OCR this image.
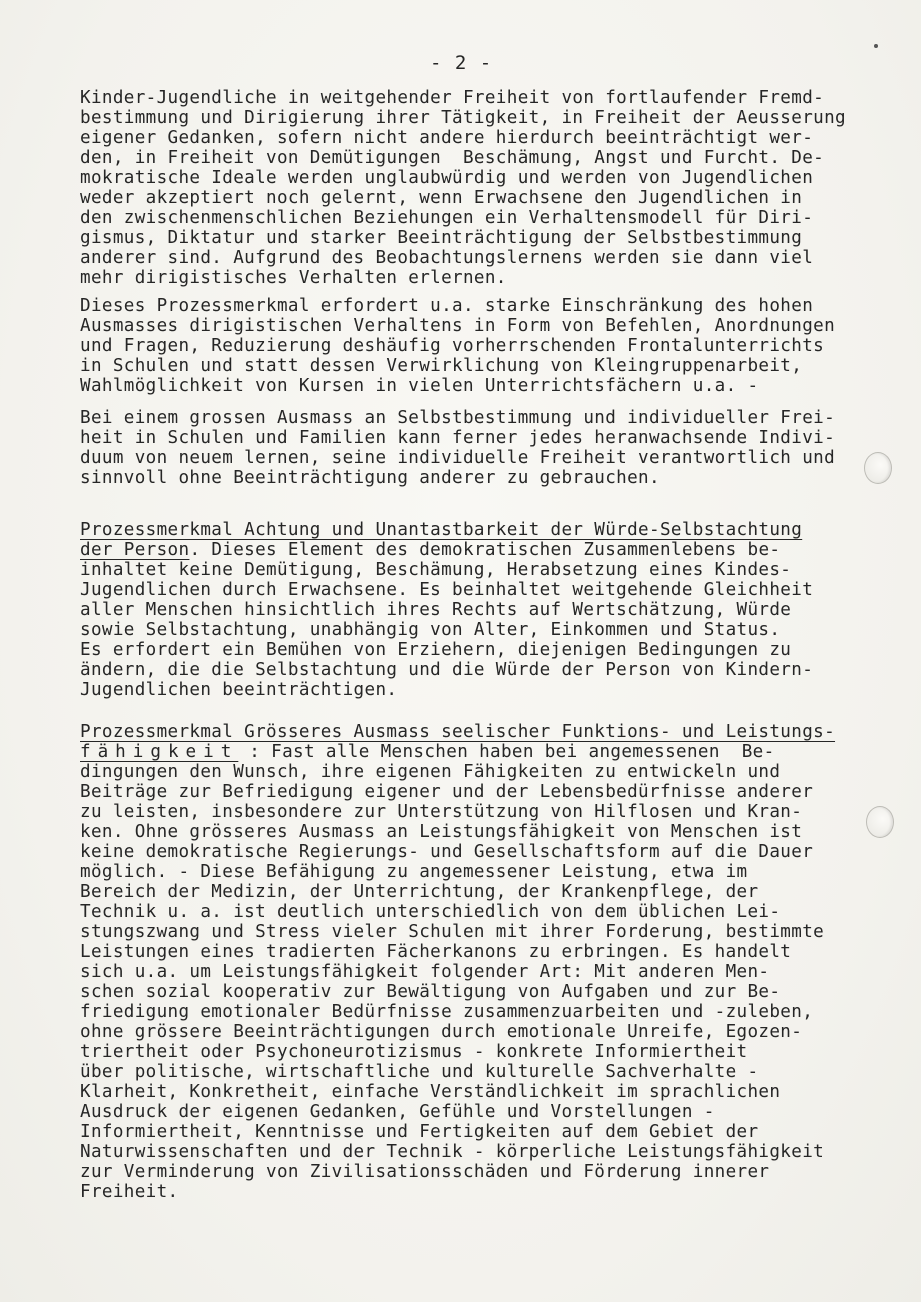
- 2 -
Kinder-Jugendliche in weitgehender Freiheit von fortlaufender Fremd-
bestimmung und Dirigierung ihrer Tätigkeit, in Freiheit der Aeusserung
eigener Gedanken, sofern nicht andere hierdurch beeinträchtigt wer-
den, in Freiheit von Demütigungen  Beschämung, Angst und Furcht. De-
mokratische Ideale werden unglaubwürdig und werden von Jugendlichen
weder akzeptiert noch gelernt, wenn Erwachsene den Jugendlichen in
den zwischenmenschlichen Beziehungen ein Verhaltensmodell für Diri-
gismus, Diktatur und starker Beeinträchtigung der Selbstbestimmung
anderer sind. Aufgrund des Beobachtungslernens werden sie dann viel
mehr dirigistisches Verhalten erlernen.
Dieses Prozessmerkmal erfordert u.a. starke Einschränkung des hohen
Ausmasses dirigistischen Verhaltens in Form von Befehlen, Anordnungen
und Fragen, Reduzierung deshäufig vorherrschenden Frontalunterrichts
in Schulen und statt dessen Verwirklichung von Kleingruppenarbeit,
Wahlmöglichkeit von Kursen in vielen Unterrichtsfächern u.a. -
Bei einem grossen Ausmass an Selbstbestimmung und individueller Frei-
heit in Schulen und Familien kann ferner jedes heranwachsende Indivi-
duum von neuem lernen, seine individuelle Freiheit verantwortlich und
sinnvoll ohne Beeinträchtigung anderer zu gebrauchen.
Prozessmerkmal Achtung und Unantastbarkeit der Würde-Selbstachtung
der Person. Dieses Element des demokratischen Zusammenlebens be-
inhaltet keine Demütigung, Beschämung, Herabsetzung eines Kindes-
Jugendlichen durch Erwachsene. Es beinhaltet weitgehende Gleichheit
aller Menschen hinsichtlich ihres Rechts auf Wertschätzung, Würde
sowie Selbstachtung, unabhängig von Alter, Einkommen und Status.
Es erfordert ein Bemühen von Erziehern, diejenigen Bedingungen zu
ändern, die die Selbstachtung und die Würde der Person von Kindern-
Jugendlichen beeinträchtigen.
Prozessmerkmal Grösseres Ausmass seelischer Funktions- und Leistungs-
fähigkeit : Fast alle Menschen haben bei angemessenen  Be-
dingungen den Wunsch, ihre eigenen Fähigkeiten zu entwickeln und
Beiträge zur Befriedigung eigener und der Lebensbedürfnisse anderer
zu leisten, insbesondere zur Unterstützung von Hilflosen und Kran-
ken. Ohne grösseres Ausmass an Leistungsfähigkeit von Menschen ist
keine demokratische Regierungs- und Gesellschaftsform auf die Dauer
möglich. - Diese Befähigung zu angemessener Leistung, etwa im
Bereich der Medizin, der Unterrichtung, der Krankenpflege, der
Technik u. a. ist deutlich unterschiedlich von dem üblichen Lei-
stungszwang und Stress vieler Schulen mit ihrer Forderung, bestimmte
Leistungen eines tradierten Fächerkanons zu erbringen. Es handelt
sich u.a. um Leistungsfähigkeit folgender Art: Mit anderen Men-
schen sozial kooperativ zur Bewältigung von Aufgaben und zur Be-
friedigung emotionaler Bedürfnisse zusammenzuarbeiten und -zuleben,
ohne grössere Beeinträchtigungen durch emotionale Unreife, Egozen-
triertheit oder Psychoneurotizismus - konkrete Informiertheit
über politische, wirtschaftliche und kulturelle Sachverhalte -
Klarheit, Konkretheit, einfache Verständlichkeit im sprachlichen
Ausdruck der eigenen Gedanken, Gefühle und Vorstellungen -
Informiertheit, Kenntnisse und Fertigkeiten auf dem Gebiet der
Naturwissenschaften und der Technik - körperliche Leistungsfähigkeit
zur Verminderung von Zivilisationsschäden und Förderung innerer
Freiheit.
